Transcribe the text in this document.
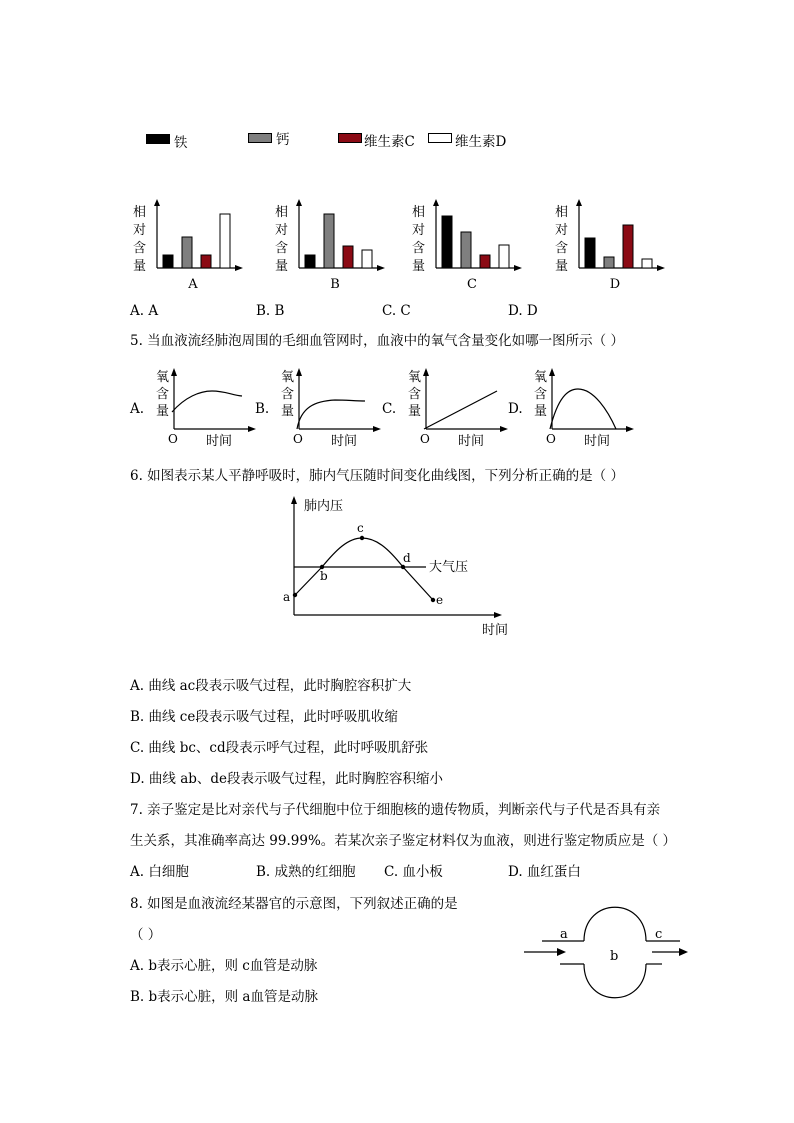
铁	钙	维生素C	维生素D
相
对
含
量
A
相
对
含
量
B
相
对
含
量
C
相
对
含
量
D
A. A	B. B	C. C	D. D
5. 当血液流经肺泡周围的毛细血管网时，血液中的氧气含量变化如哪一图所示（ ）
氧
含
量
O 时间
A.
氧
含
量
O 时间
B.
氧
含
量
O 时间
C.
氧
含
量
O 时间
D.
6. 如图表示某人平静呼吸时，肺内气压随时间变化曲线图，下列分析正确的是（ ）
肺内压
时间
大气压
a
b
c
d
e
A. 曲线 ac段表示吸气过程，此时胸腔容积扩大
B. 曲线 ce段表示吸气过程，此时呼吸肌收缩
C. 曲线 bc、cd段表示呼气过程，此时呼吸肌舒张
D. 曲线 ab、de段表示吸气过程，此时胸腔容积缩小
7. 亲子鉴定是比对亲代与子代细胞中位于细胞核的遗传物质，判断亲代与子代是否具有亲
生关系，其准确率高达 99.99%。若某次亲子鉴定材料仅为血液，则进行鉴定物质应是（ ）
A. 白细胞	B. 成熟的红细胞 C. 血小板	D. 血红蛋白
8. 如图是血液流经某器官的示意图，下列叙述正确的是
（ ）
A. b表示心脏，则 c血管是动脉
B. b表示心脏，则 a血管是动脉
a
b
c
